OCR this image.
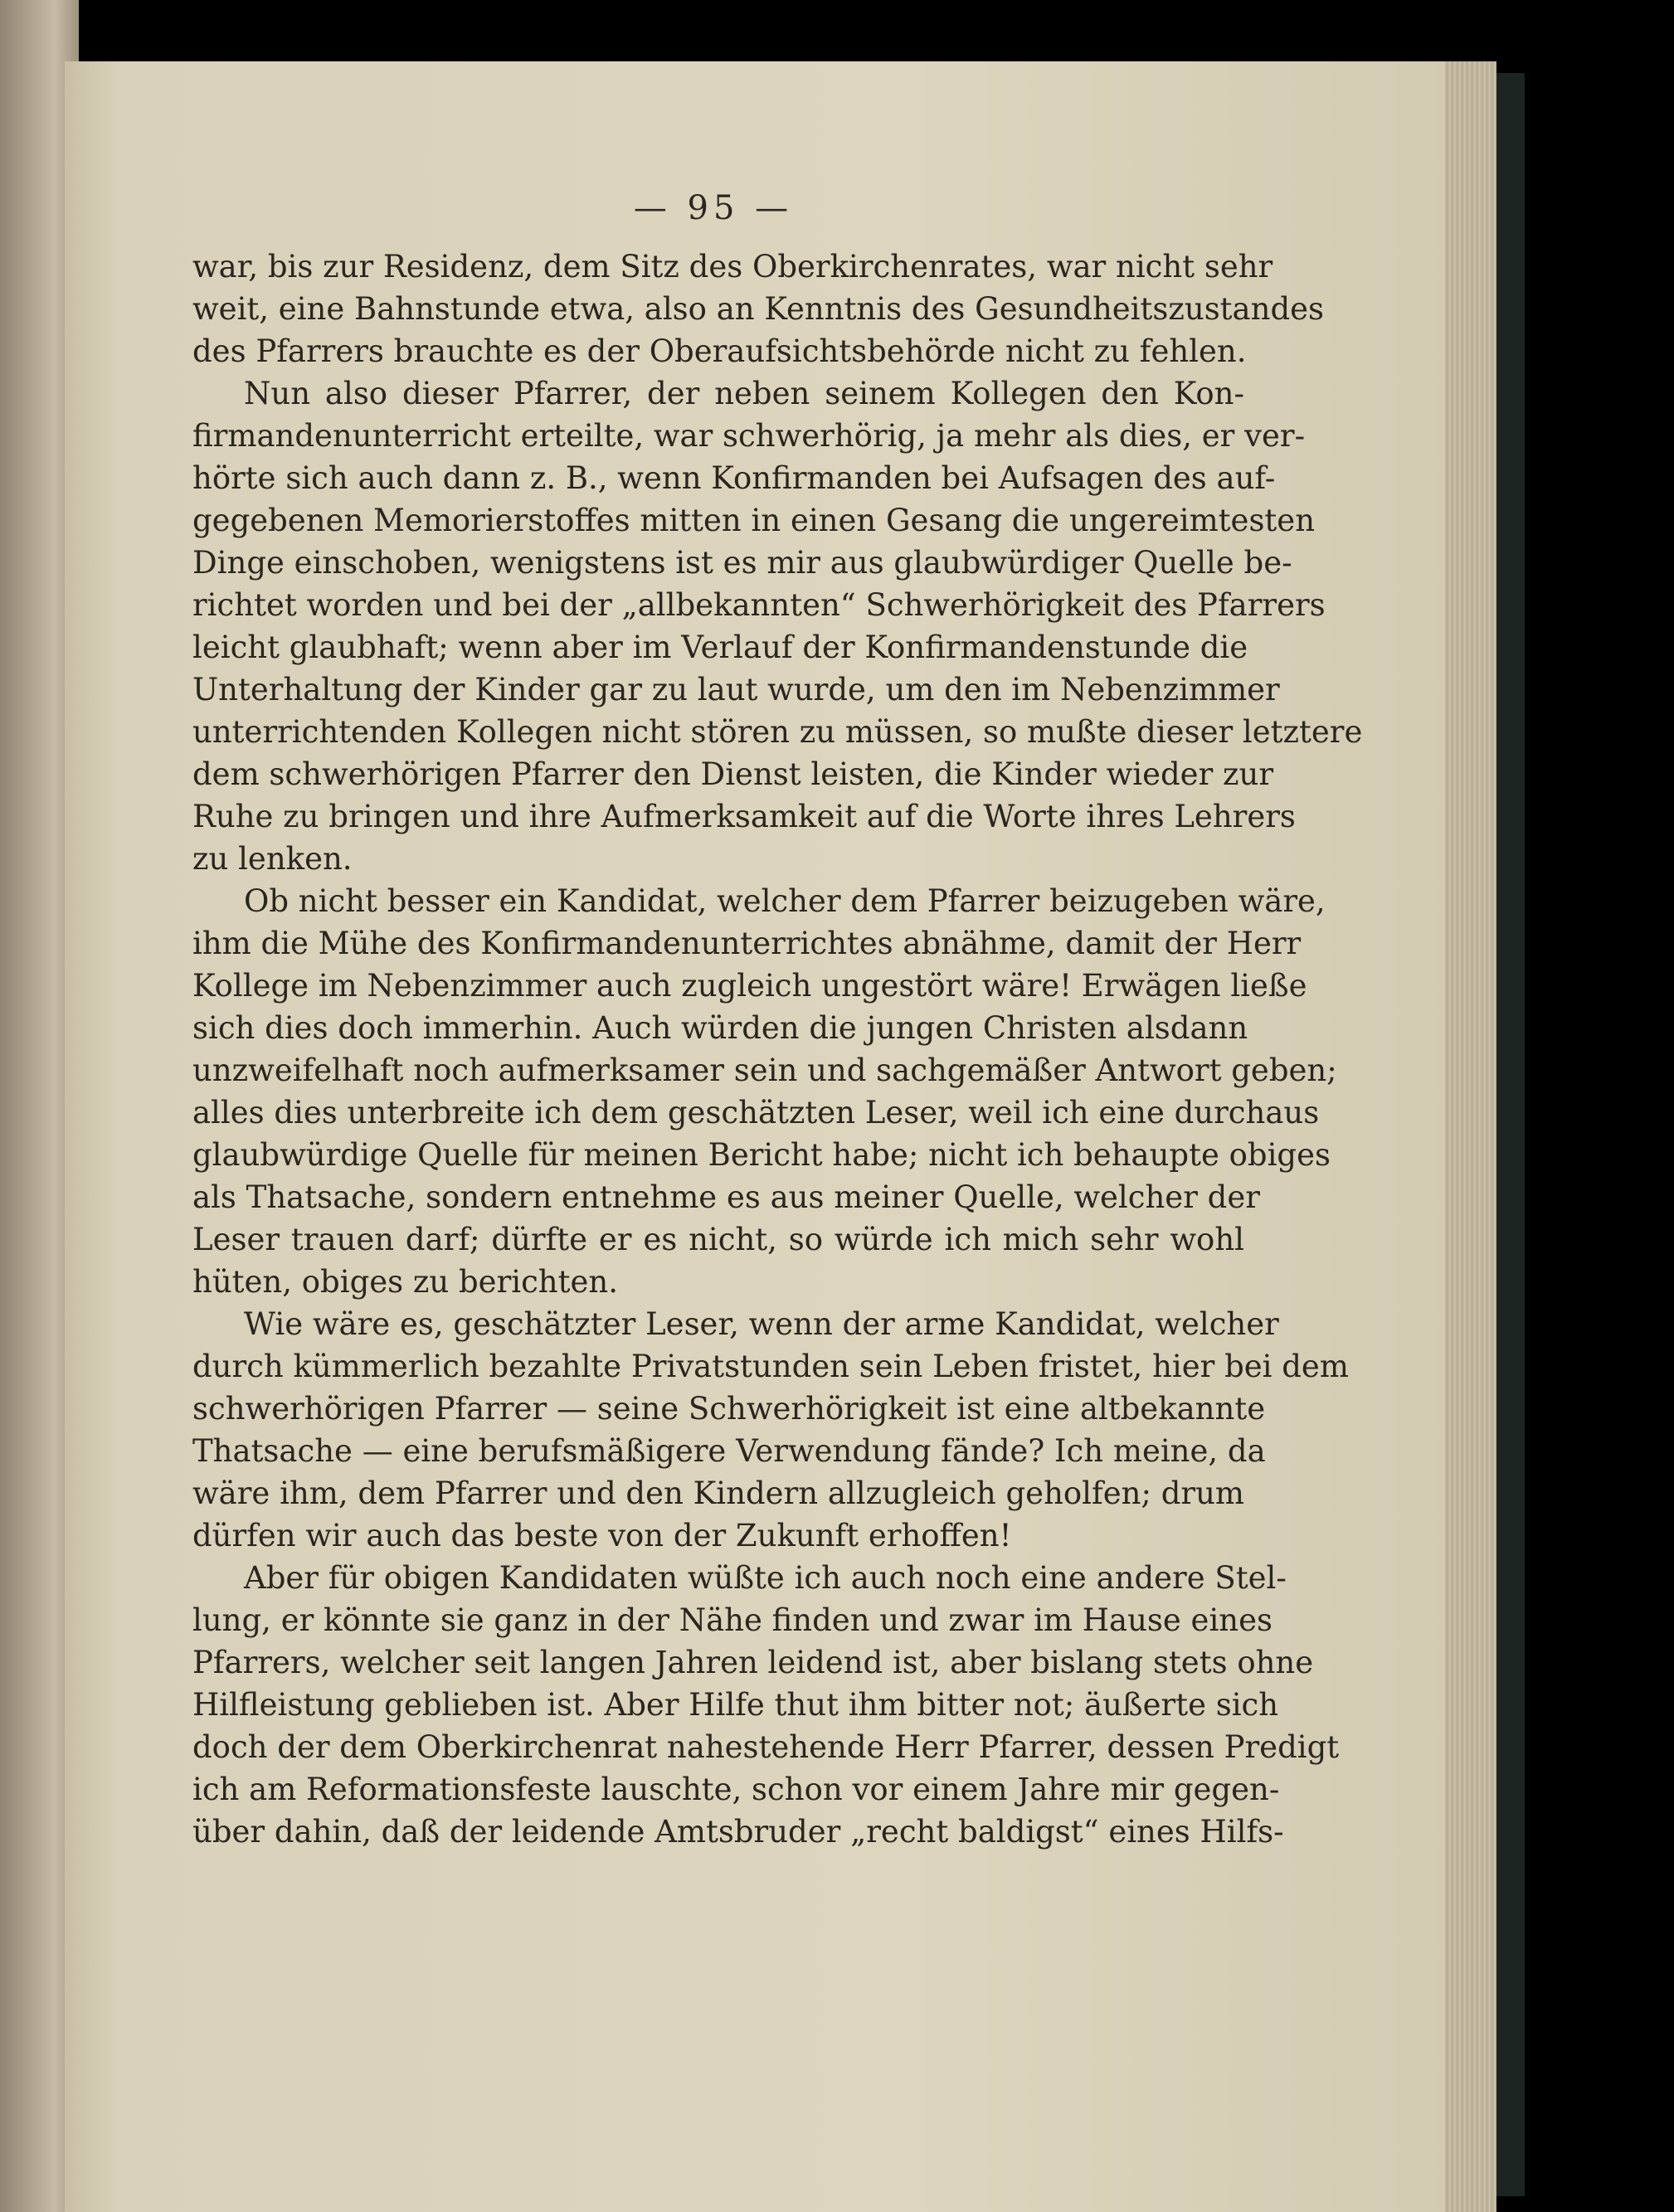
— 95 —
war, bis zur Residenz, dem Sitz des Oberkirchenrates, war nicht sehr
weit, eine Bahnstunde etwa, also an Kenntnis des Gesundheitszustandes
des Pfarrers brauchte es der Oberaufsichtsbehörde nicht zu fehlen.
Nun also dieser Pfarrer, der neben seinem Kollegen den Kon-
firmandenunterricht erteilte, war schwerhörig, ja mehr als dies, er ver-
hörte sich auch dann z. B., wenn Konfirmanden bei Aufsagen des auf-
gegebenen Memorierstoffes mitten in einen Gesang die ungereimtesten
Dinge einschoben, wenigstens ist es mir aus glaubwürdiger Quelle be-
richtet worden und bei der „allbekannten“ Schwerhörigkeit des Pfarrers
leicht glaubhaft; wenn aber im Verlauf der Konfirmandenstunde die
Unterhaltung der Kinder gar zu laut wurde, um den im Nebenzimmer
unterrichtenden Kollegen nicht stören zu müssen, so mußte dieser letztere
dem schwerhörigen Pfarrer den Dienst leisten, die Kinder wieder zur
Ruhe zu bringen und ihre Aufmerksamkeit auf die Worte ihres Lehrers
zu lenken.
Ob nicht besser ein Kandidat, welcher dem Pfarrer beizugeben wäre,
ihm die Mühe des Konfirmandenunterrichtes abnähme, damit der Herr
Kollege im Nebenzimmer auch zugleich ungestört wäre! Erwägen ließe
sich dies doch immerhin. Auch würden die jungen Christen alsdann
unzweifelhaft noch aufmerksamer sein und sachgemäßer Antwort geben;
alles dies unterbreite ich dem geschätzten Leser, weil ich eine durchaus
glaubwürdige Quelle für meinen Bericht habe; nicht ich behaupte obiges
als Thatsache, sondern entnehme es aus meiner Quelle, welcher der
Leser trauen darf; dürfte er es nicht, so würde ich mich sehr wohl
hüten, obiges zu berichten.
Wie wäre es, geschätzter Leser, wenn der arme Kandidat, welcher
durch kümmerlich bezahlte Privatstunden sein Leben fristet, hier bei dem
schwerhörigen Pfarrer — seine Schwerhörigkeit ist eine altbekannte
Thatsache — eine berufsmäßigere Verwendung fände? Ich meine, da
wäre ihm, dem Pfarrer und den Kindern allzugleich geholfen; drum
dürfen wir auch das beste von der Zukunft erhoffen!
Aber für obigen Kandidaten wüßte ich auch noch eine andere Stel-
lung, er könnte sie ganz in der Nähe finden und zwar im Hause eines
Pfarrers, welcher seit langen Jahren leidend ist, aber bislang stets ohne
Hilfleistung geblieben ist. Aber Hilfe thut ihm bitter not; äußerte sich
doch der dem Oberkirchenrat nahestehende Herr Pfarrer, dessen Predigt
ich am Reformationsfeste lauschte, schon vor einem Jahre mir gegen-
über dahin, daß der leidende Amtsbruder „recht baldigst“ eines Hilfs-
